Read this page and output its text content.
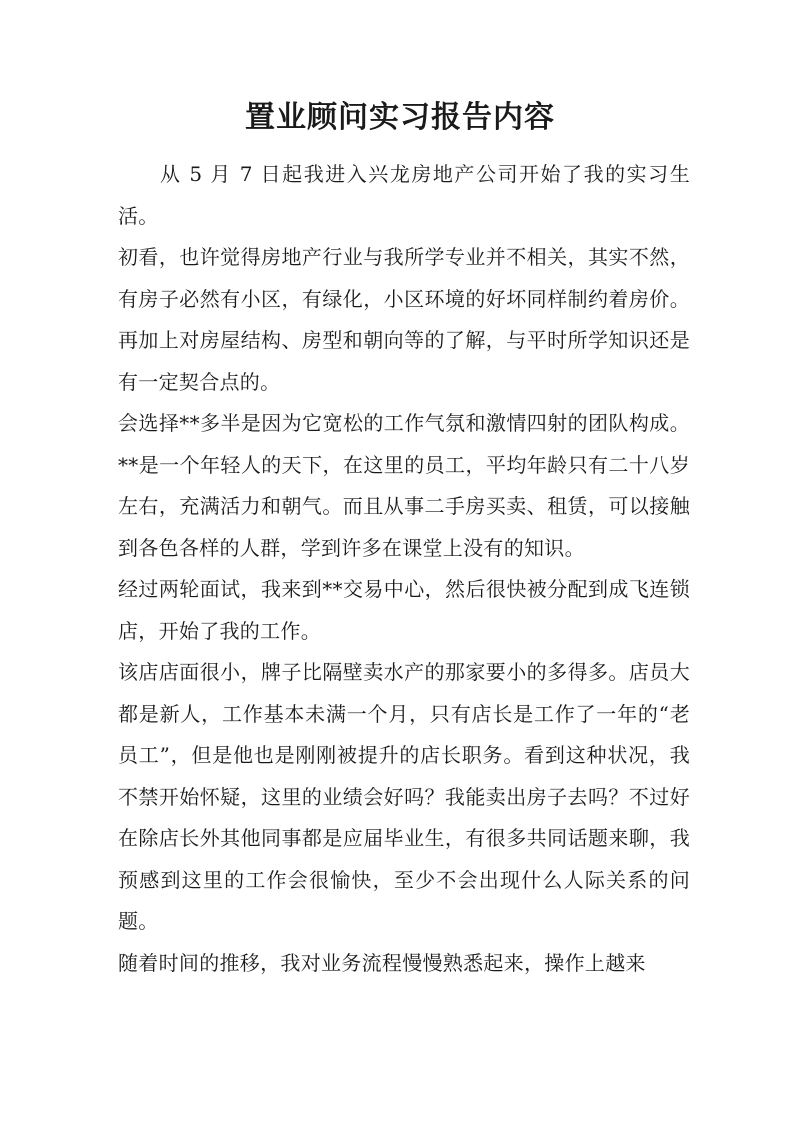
置业顾问实习报告内容

从 5 月 7 日起我进入兴龙房地产公司开始了我的实习生活。

初看，也许觉得房地产行业与我所学专业并不相关，其实不然，有房子必然有小区，有绿化，小区环境的好坏同样制约着房价。再加上对房屋结构、房型和朝向等的了解，与平时所学知识还是有一定契合点的。

会选择**多半是因为它宽松的工作气氛和激情四射的团队构成。**是一个年轻人的天下，在这里的员工，平均年龄只有二十八岁左右，充满活力和朝气。而且从事二手房买卖、租赁，可以接触到各色各样的人群，学到许多在课堂上没有的知识。

经过两轮面试，我来到**交易中心，然后很快被分配到成飞连锁店，开始了我的工作。

该店店面很小，牌子比隔壁卖水产的那家要小的多得多。店员大都是新人，工作基本未满一个月，只有店长是工作了一年的“老员工”，但是他也是刚刚被提升的店长职务。看到这种状况，我不禁开始怀疑，这里的业绩会好吗？我能卖出房子去吗？不过好在除店长外其他同事都是应届毕业生，有很多共同话题来聊，我预感到这里的工作会很愉快，至少不会出现什么人际关系的问题。

随着时间的推移，我对业务流程慢慢熟悉起来，操作上越来
